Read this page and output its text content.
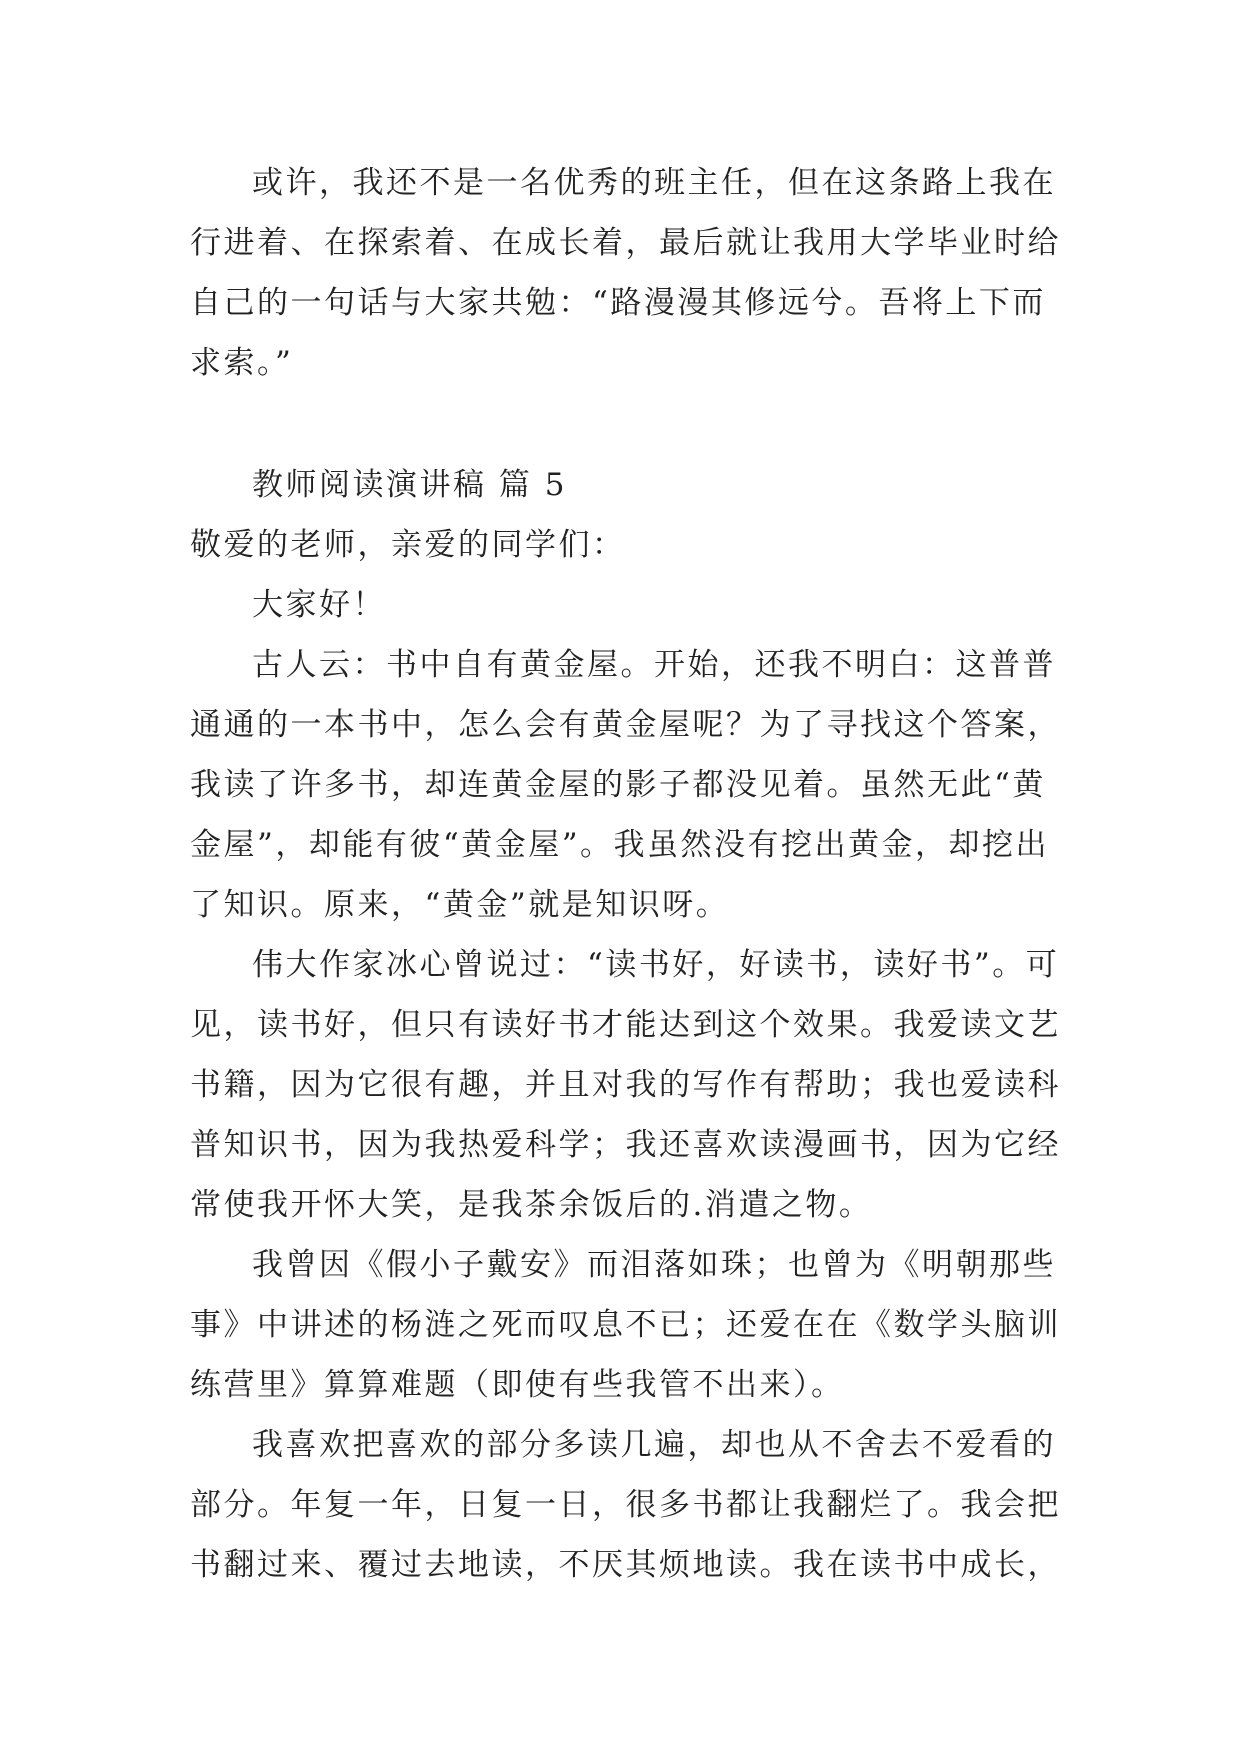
或许，我还不是一名优秀的班主任，但在这条路上我在
行进着、在探索着、在成长着，最后就让我用大学毕业时给
自己的一句话与大家共勉：“路漫漫其修远兮。吾将上下而
求索。”
教师阅读演讲稿 篇 5
敬爱的老师，亲爱的同学们：
大家好！
古人云：书中自有黄金屋。开始，还我不明白：这普普
通通的一本书中，怎么会有黄金屋呢？为了寻找这个答案，
我读了许多书，却连黄金屋的影子都没见着。虽然无此“黄
金屋”，却能有彼“黄金屋”。我虽然没有挖出黄金，却挖出
了知识。原来，“黄金”就是知识呀。
伟大作家冰心曾说过：“读书好，好读书，读好书”。可
见，读书好，但只有读好书才能达到这个效果。我爱读文艺
书籍，因为它很有趣，并且对我的写作有帮助；我也爱读科
普知识书，因为我热爱科学；我还喜欢读漫画书，因为它经
常使我开怀大笑，是我茶余饭后的.消遣之物。
我曾因《假小子戴安》而泪落如珠；也曾为《明朝那些
事》中讲述的杨涟之死而叹息不已；还爱在在《数学头脑训
练营里》算算难题（即使有些我管不出来）。
我喜欢把喜欢的部分多读几遍，却也从不舍去不爱看的
部分。年复一年，日复一日，很多书都让我翻烂了。我会把
书翻过来、覆过去地读，不厌其烦地读。我在读书中成长，
